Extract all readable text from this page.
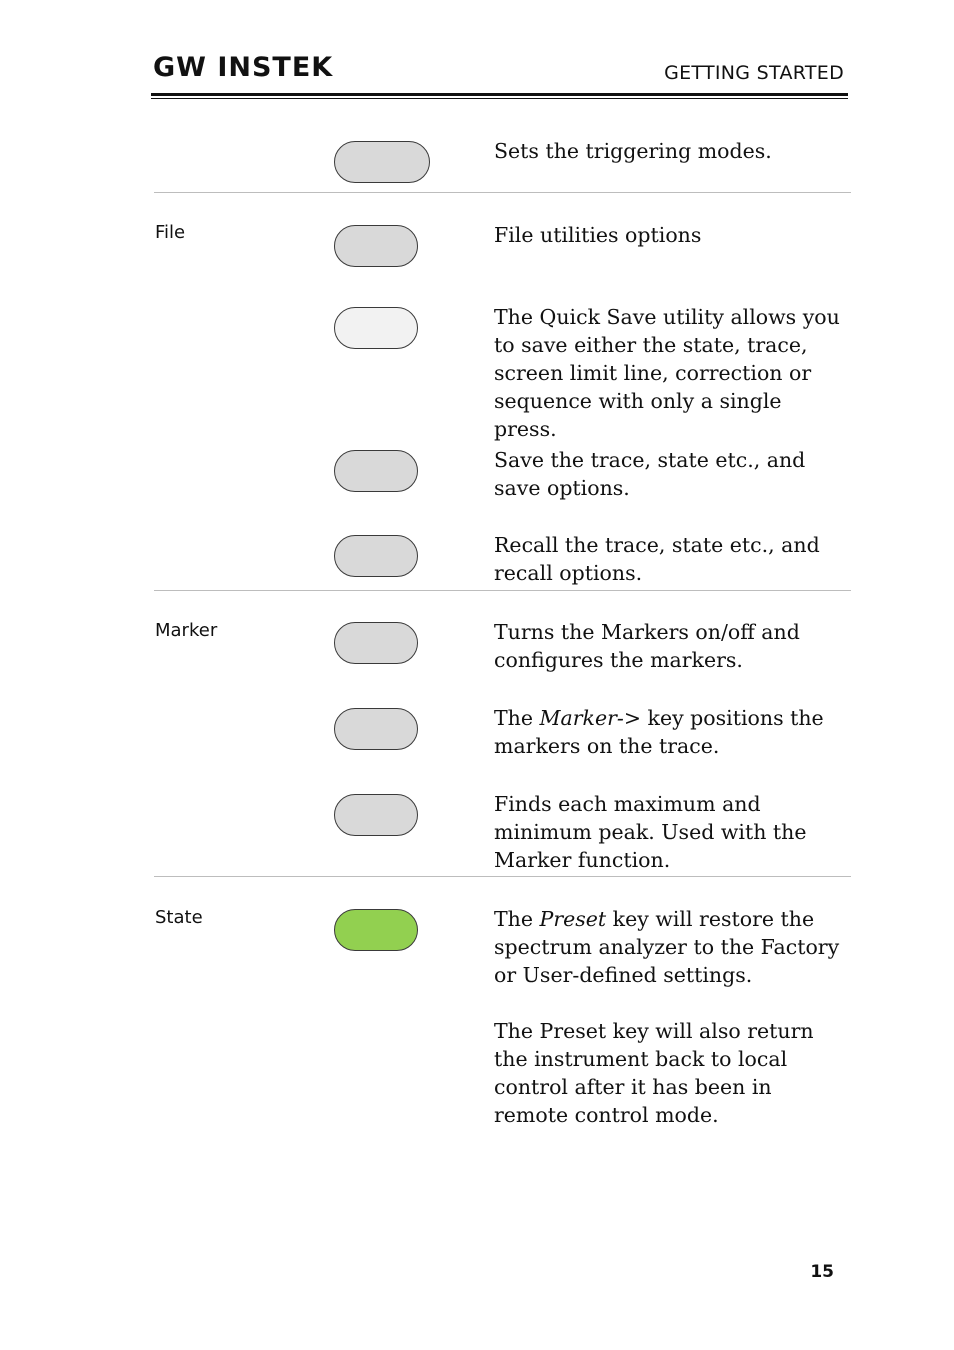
GW INSTEK	GETTING STARTED
Sets the triggering modes.
File	File utilities options
The Quick Save utility allows you to save either the state, trace, screen limit line, correction or sequence with only a single press.
Save the trace, state etc., and save options.
Recall the trace, state etc., and recall options.
Marker	Turns the Markers on/off and configures the markers.
The Marker-> key positions the markers on the trace.
Finds each maximum and minimum peak. Used with the Marker function.
State	The Preset key will restore the spectrum analyzer to the Factory or User-defined settings.
The Preset key will also return the instrument back to local control after it has been in remote control mode.
15
